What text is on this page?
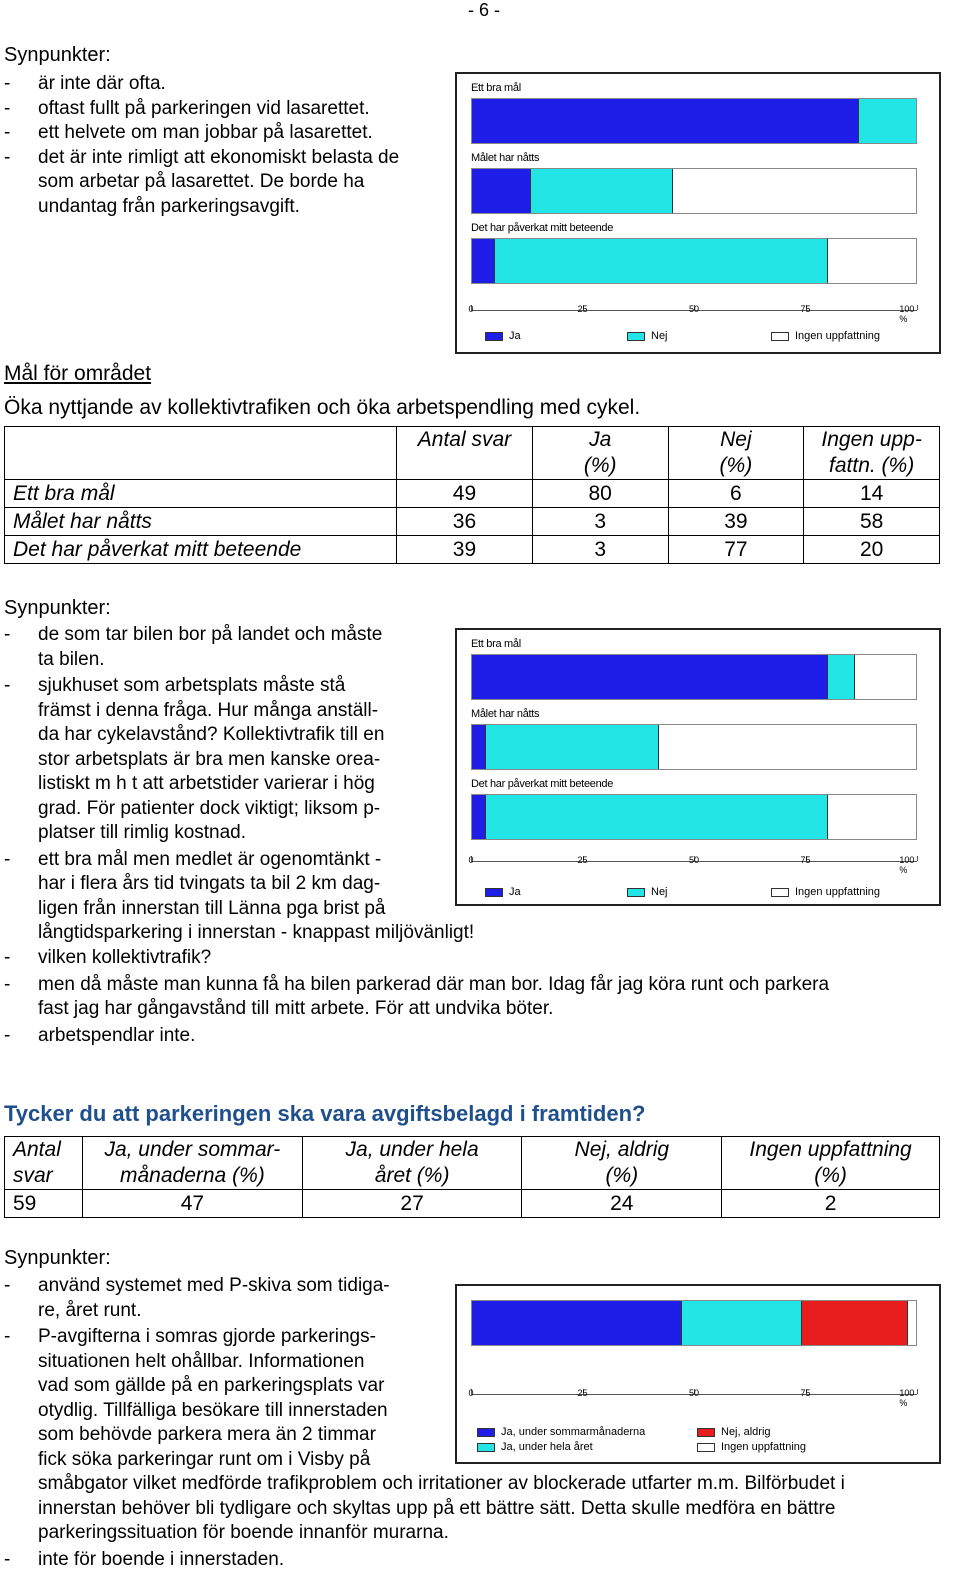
- 6 -
Synpunkter:
- är inte där ofta.
- oftast fullt på parkeringen vid lasarettet.
- ett helvete om man jobbar på lasarettet.
- det är inte rimligt att ekonomiskt belasta de som arbetar på lasarettet. De borde ha undantag från parkeringsavgift.
Ett bra mål
Målet har nåtts
Det har påverkat mitt beteende
0	25	50	75	100 %
Ja	Nej	Ingen uppfattning
Mål för området
Öka nyttjande av kollektivtrafiken och öka arbetspendling med cykel.
	Antal svar	Ja	Nej	Ingen upp-
		(%)	(%)	fattn. (%)
Ett bra mål	49	80	6	14
Målet har nåtts	36	3	39	58
Det har påverkat mitt beteende	39	3	77	20
Synpunkter:
- de som tar bilen bor på landet och måste
ta bilen.
- sjukhuset som arbetsplats måste stå
främst i denna fråga. Hur många anställ-
da har cykelavstånd? Kollektivtrafik till en
stor arbetsplats är bra men kanske orea-
listiskt m h t att arbetstider varierar i hög
grad. För patienter dock viktigt; liksom p-
platser till rimlig kostnad.
- ett bra mål men medlet är ogenomtänkt -
har i flera års tid tvingats ta bil 2 km dag-
ligen från innerstan till Länna pga brist på
långtidsparkering i innerstan - knappast miljövänligt!
- vilken kollektivtrafik?
- men då måste man kunna få ha bilen parkerad där man bor. Idag får jag köra runt och parkera
fast jag har gångavstånd till mitt arbete. För att undvika böter.
- arbetspendlar inte.
Ett bra mål
Målet har nåtts
Det har påverkat mitt beteende
0	25	50	75	100 %
Ja	Nej	Ingen uppfattning
Tycker du att parkeringen ska vara avgiftsbelagd i framtiden?
Antal	Ja, under sommar-	Ja, under hela	Nej, aldrig	Ingen uppfattning
svar	månaderna (%)	året (%)	(%)	(%)
59	47	27	24	2
Synpunkter:
- använd systemet med P-skiva som tidiga-
re, året runt.
- P-avgifterna i somras gjorde parkerings-
situationen helt ohållbar. Informationen
vad som gällde på en parkeringsplats var
otydlig. Tillfälliga besökare till innerstaden
som behövde parkera mera än 2 timmar
fick söka parkeringar runt om i Visby på
småbgator vilket medförde trafikproblem och irritationer av blockerade utfarter m.m. Bilförbudet i
innerstan behöver bli tydligare och skyltas upp på ett bättre sätt. Detta skulle medföra en bättre
parkeringssituation för boende innanför murarna.
- inte för boende i innerstaden.
0	25	50	75	100 %
Ja, under sommarmånaderna
Ja, under hela året
Nej, aldrig
Ingen uppfattning
